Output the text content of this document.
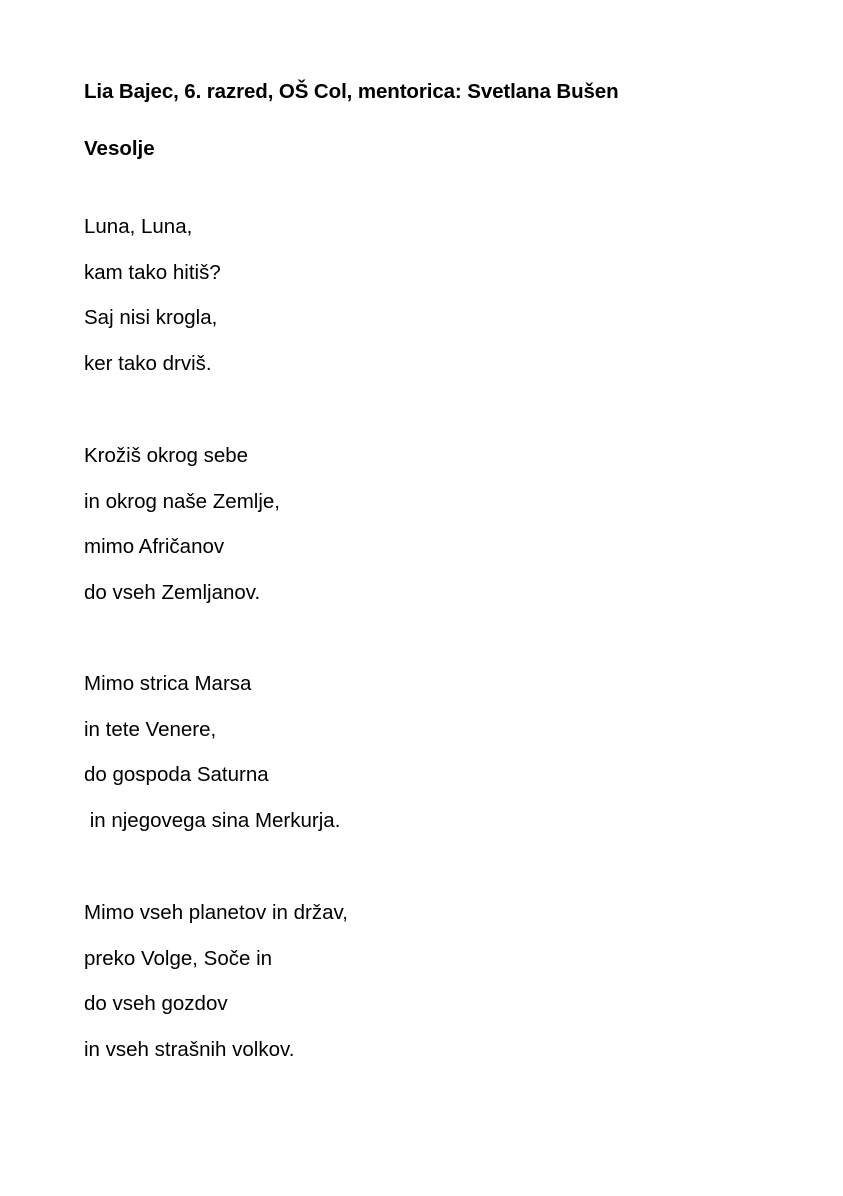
Lia Bajec, 6. razred, OŠ Col, mentorica: Svetlana Bušen
Vesolje
Luna, Luna,
kam tako hitiš?
Saj nisi krogla,
ker tako drviš.
Krožiš okrog sebe
in okrog naše Zemlje,
mimo Afričanov
do vseh Zemljanov.
Mimo strica Marsa
in tete Venere,
do gospoda Saturna
in njegovega sina Merkurja.
Mimo vseh planetov in držav,
preko Volge, Soče in
do vseh gozdov
in vseh strašnih volkov.
